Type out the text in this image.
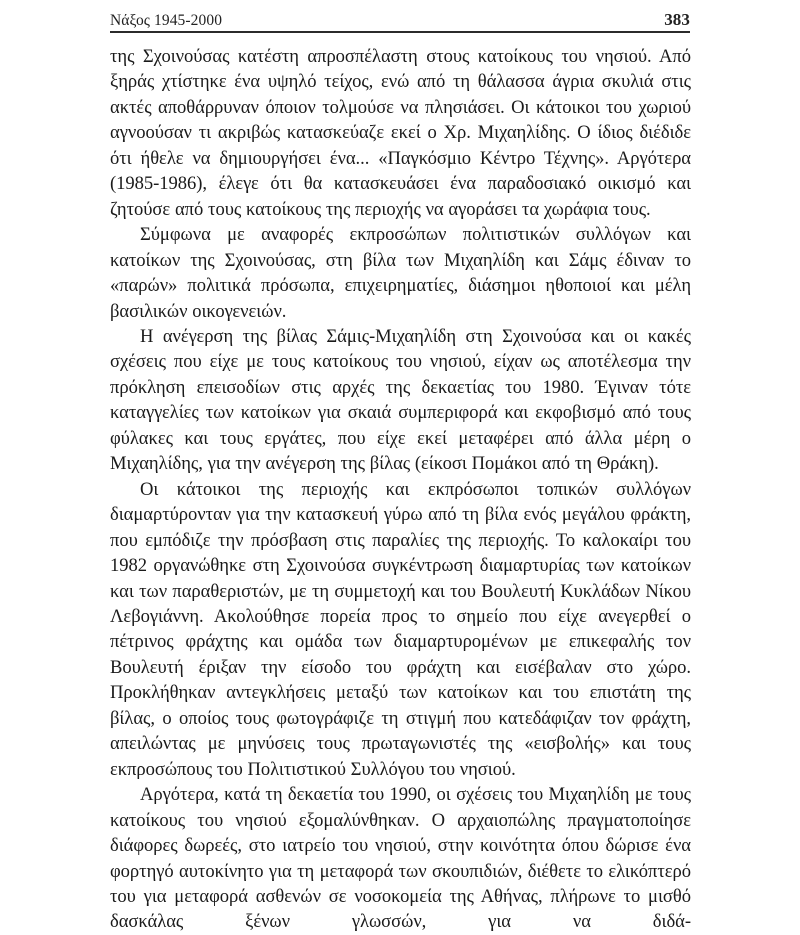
Νάξος 1945-2000	383

της Σχοινούσας κατέστη απροσπέλαστη στους κατοίκους του νησιού. Από ξηράς χτίστηκε ένα υψηλό τείχος, ενώ από τη θάλασσα άγρια σκυλιά στις ακτές αποθάρρυναν όποιον τολμούσε να πλησιάσει. Οι κάτοικοι του χωριού αγνοούσαν τι ακριβώς κατασκεύαζε εκεί ο Χρ. Μιχαηλίδης. Ο ίδιος διέδιδε ότι ήθελε να δημιουργήσει ένα... «Παγκόσμιο Κέντρο Τέχνης». Αργότερα (1985-1986), έλεγε ότι θα κατασκευάσει ένα παραδοσιακό οικισμό και ζητούσε από τους κατοίκους της περιοχής να αγοράσει τα χωράφια τους.

Σύμφωνα με αναφορές εκπροσώπων πολιτιστικών συλλόγων και κατοίκων της Σχοινούσας, στη βίλα των Μιχαηλίδη και Σάμς έδιναν το «παρών» πολιτικά πρόσωπα, επιχειρηματίες, διάσημοι ηθοποιοί και μέλη βασιλικών οικογενειών.

Η ανέγερση της βίλας Σάμις-Μιχαηλίδη στη Σχοινούσα και οι κακές σχέσεις που είχε με τους κατοίκους του νησιού, είχαν ως αποτέλεσμα την πρόκληση επεισοδίων στις αρχές της δεκαετίας του 1980. Έγιναν τότε καταγγελίες των κατοίκων για σκαιά συμπεριφορά και εκφοβισμό από τους φύλακες και τους εργάτες, που είχε εκεί μεταφέρει από άλλα μέρη ο Μιχαηλίδης, για την ανέγερση της βίλας (είκοσι Πομάκοι από τη Θράκη).

Οι κάτοικοι της περιοχής και εκπρόσωποι τοπικών συλλόγων διαμαρτύρονταν για την κατασκευή γύρω από τη βίλα ενός μεγάλου φράκτη, που εμπόδιζε την πρόσβαση στις παραλίες της περιοχής. Το καλοκαίρι του 1982 οργανώθηκε στη Σχοινούσα συγκέντρωση διαμαρτυρίας των κατοίκων και των παραθεριστών, με τη συμμετοχή και του Βουλευτή Κυκλάδων Νίκου Λεβογιάννη. Ακολούθησε πορεία προς το σημείο που είχε ανεγερθεί ο πέτρινος φράχτης και ομάδα των διαμαρτυρομένων με επικεφαλής τον Βουλευτή έριξαν την είσοδο του φράχτη και εισέβαλαν στο χώρο. Προκλήθηκαν αντεγκλήσεις μεταξύ των κατοίκων και του επιστάτη της βίλας, ο οποίος τους φωτογράφιζε τη στιγμή που κατεδάφιζαν τον φράχτη, απειλώντας με μηνύσεις τους πρωταγωνιστές της «εισβολής» και τους εκπροσώπους του Πολιτιστικού Συλλόγου του νησιού.

Αργότερα, κατά τη δεκαετία του 1990, οι σχέσεις του Μιχαηλίδη με τους κατοίκους του νησιού εξομαλύνθηκαν. Ο αρχαιοπώλης πραγματοποίησε διάφορες δωρεές, στο ιατρείο του νησιού, στην κοινότητα όπου δώρισε ένα φορτηγό αυτοκίνητο για τη μεταφορά των σκουπιδιών, διέθετε το ελικόπτερό του για μεταφορά ασθενών σε νοσοκομεία της Αθήνας, πλήρωνε το μισθό δασκάλας ξένων γλωσσών, για να διδά-
